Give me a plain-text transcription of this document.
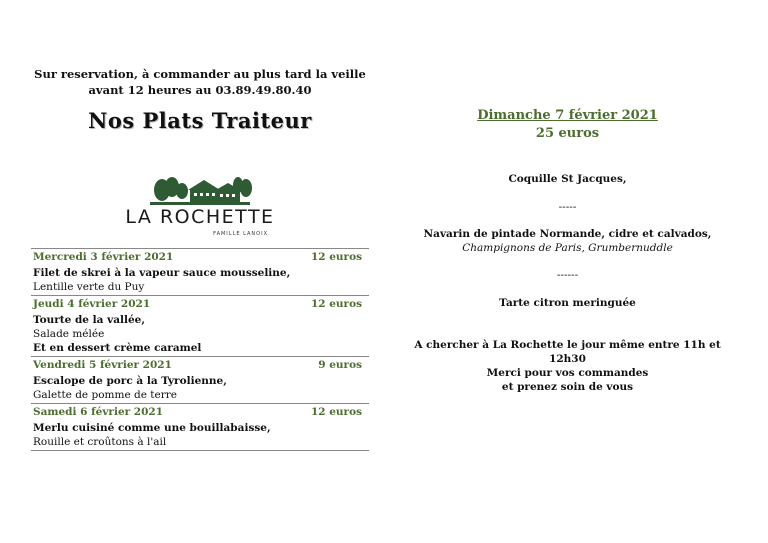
Sur reservation, à commander au plus tard la veille
avant 12 heures au 03.89.49.80.40
Nos Plats Traiteur
LA ROCHETTE
FAMILLE LANOIX
Mercredi 3 février 2021	12 euros
Filet de skrei à la vapeur sauce mousseline,
Lentille verte du Puy
Jeudi 4 février 2021	12 euros
Tourte de la vallée,
Salade mélée
Et en dessert crème caramel
Vendredi 5 février 2021	9 euros
Escalope de porc à la Tyrolienne,
Galette de pomme de terre
Samedi 6 février 2021	12 euros
Merlu cuisiné comme une bouillabaisse,
Rouille et croûtons à l'ail
Dimanche 7 février 2021
25 euros
Coquille St Jacques,
-----
Navarin de pintade Normande, cidre et calvados,
Champignons de Paris, Grumbernuddle
------
Tarte citron meringuée
A chercher à La Rochette le jour même entre 11h et 12h30
Merci pour vos commandes
et prenez soin de vous
